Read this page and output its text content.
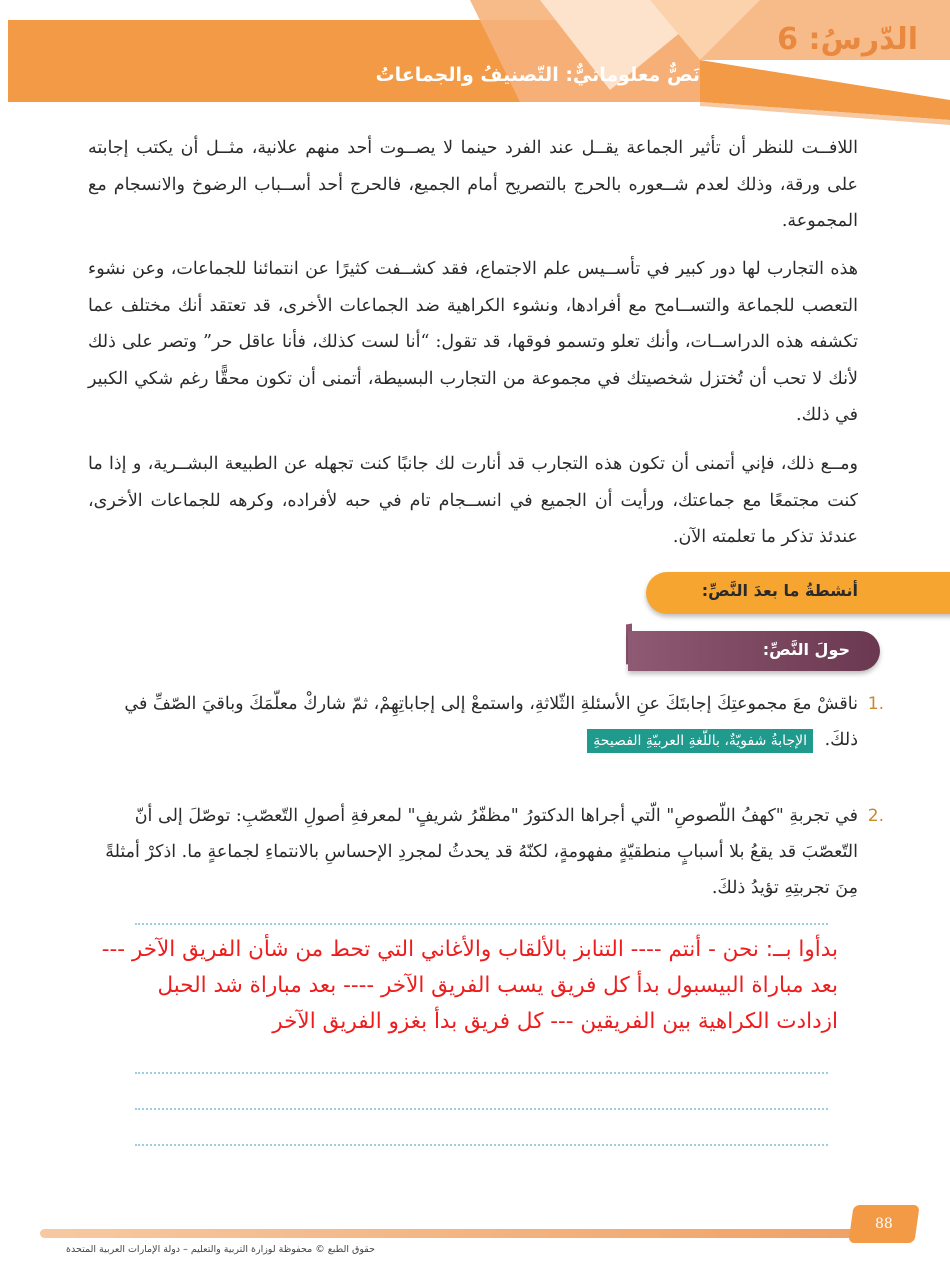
الدّرسُ: 6
نَصٌّ معلوماتيٌّ: التّصنيفُ والجماعاتُ

اللافــت للنظر أن تأثير الجماعة يقــل عند الفرد حينما لا يصــوت أحد منهم علانية، مثــل أن يكتب إجابته على ورقة، وذلك لعدم شــعوره بالحرج بالتصريح أمام الجميع، فالحرج أحد أســباب الرضوخ والانسجام مع المجموعة.

هذه التجارب لها دور كبير في تأســيس علم الاجتماع، فقد كشــفت كثيرًا عن انتمائنا للجماعات، وعن نشوء التعصب للجماعة والتســامح مع أفرادها، ونشوء الكراهية ضد الجماعات الأخرى، قد تعتقد أنك مختلف عما تكشفه هذه الدراســات، وأنك تعلو وتسمو فوقها، قد تقول: “أنا لست كذلك، فأنا عاقل حر” وتصر على ذلك لأنك لا تحب أن تُختزل شخصيتك في مجموعة من التجارب البسيطة، أتمنى أن تكون محقًّا رغم شكي الكبير في ذلك.

ومــع ذلك، فإني أتمنى أن تكون هذه التجارب قد أنارت لك جانبًا كنت تجهله عن الطبيعة البشــرية، و إذا ما كنت مجتمعًا مع جماعتك، ورأيت أن الجميع في انســجام تام في حبه لأفراده، وكرهه للجماعات الأخرى، عندئذ تذكر ما تعلمته الآن.

أنشطةُ ما بعدَ النَّصِّ:
حولَ النَّصِّ:
.1
ناقشْ معَ مجموعتِكَ إجابتَكَ عنِ الأسئلةِ الثّلاثةِ، واستمعْ إلى إجاباتِهِمْ، ثمّ شاركْ معلّمَكَ وباقيَ الصّفِّ في ذلكَ. الإجابةُ شفويّةٌ، باللّغةِ العربيّةِ الفصيحةِ
.2
في تجربةِ "كهفُ اللّصوصِ" الّتي أجراها الدكتورُ "مظفّرُ شريفٍ" لمعرفةِ أصولِ التّعصّبِ: توصّلَ إلى أنّ التّعصّبَ قد يقعُ بلا أسبابٍ منطقيّةٍ مفهومةٍ، لكنّهُ قد يحدثُ لمجردِ الإحساسِ بالانتماءِ لجماعةٍ ما. اذكرْ أمثلةً مِنَ تجربتِهِ تؤيدُ ذلكَ.

بدأوا بــ: نحن - أنتم ---- التنابز بالألقاب والأغاني التي تحط من شأن الفريق الآخر --- بعد مباراة البيسبول بدأ كل فريق يسب الفريق الآخر ---- بعد مباراة شد الحبل ازدادت الكراهية بين الفريقين --- كل فريق بدأ بغزو الفريق الآخر

88
حقوق الطبع © محفوظة لوزارة التربية والتعليم – دولة الإمارات العربية المتحدة
